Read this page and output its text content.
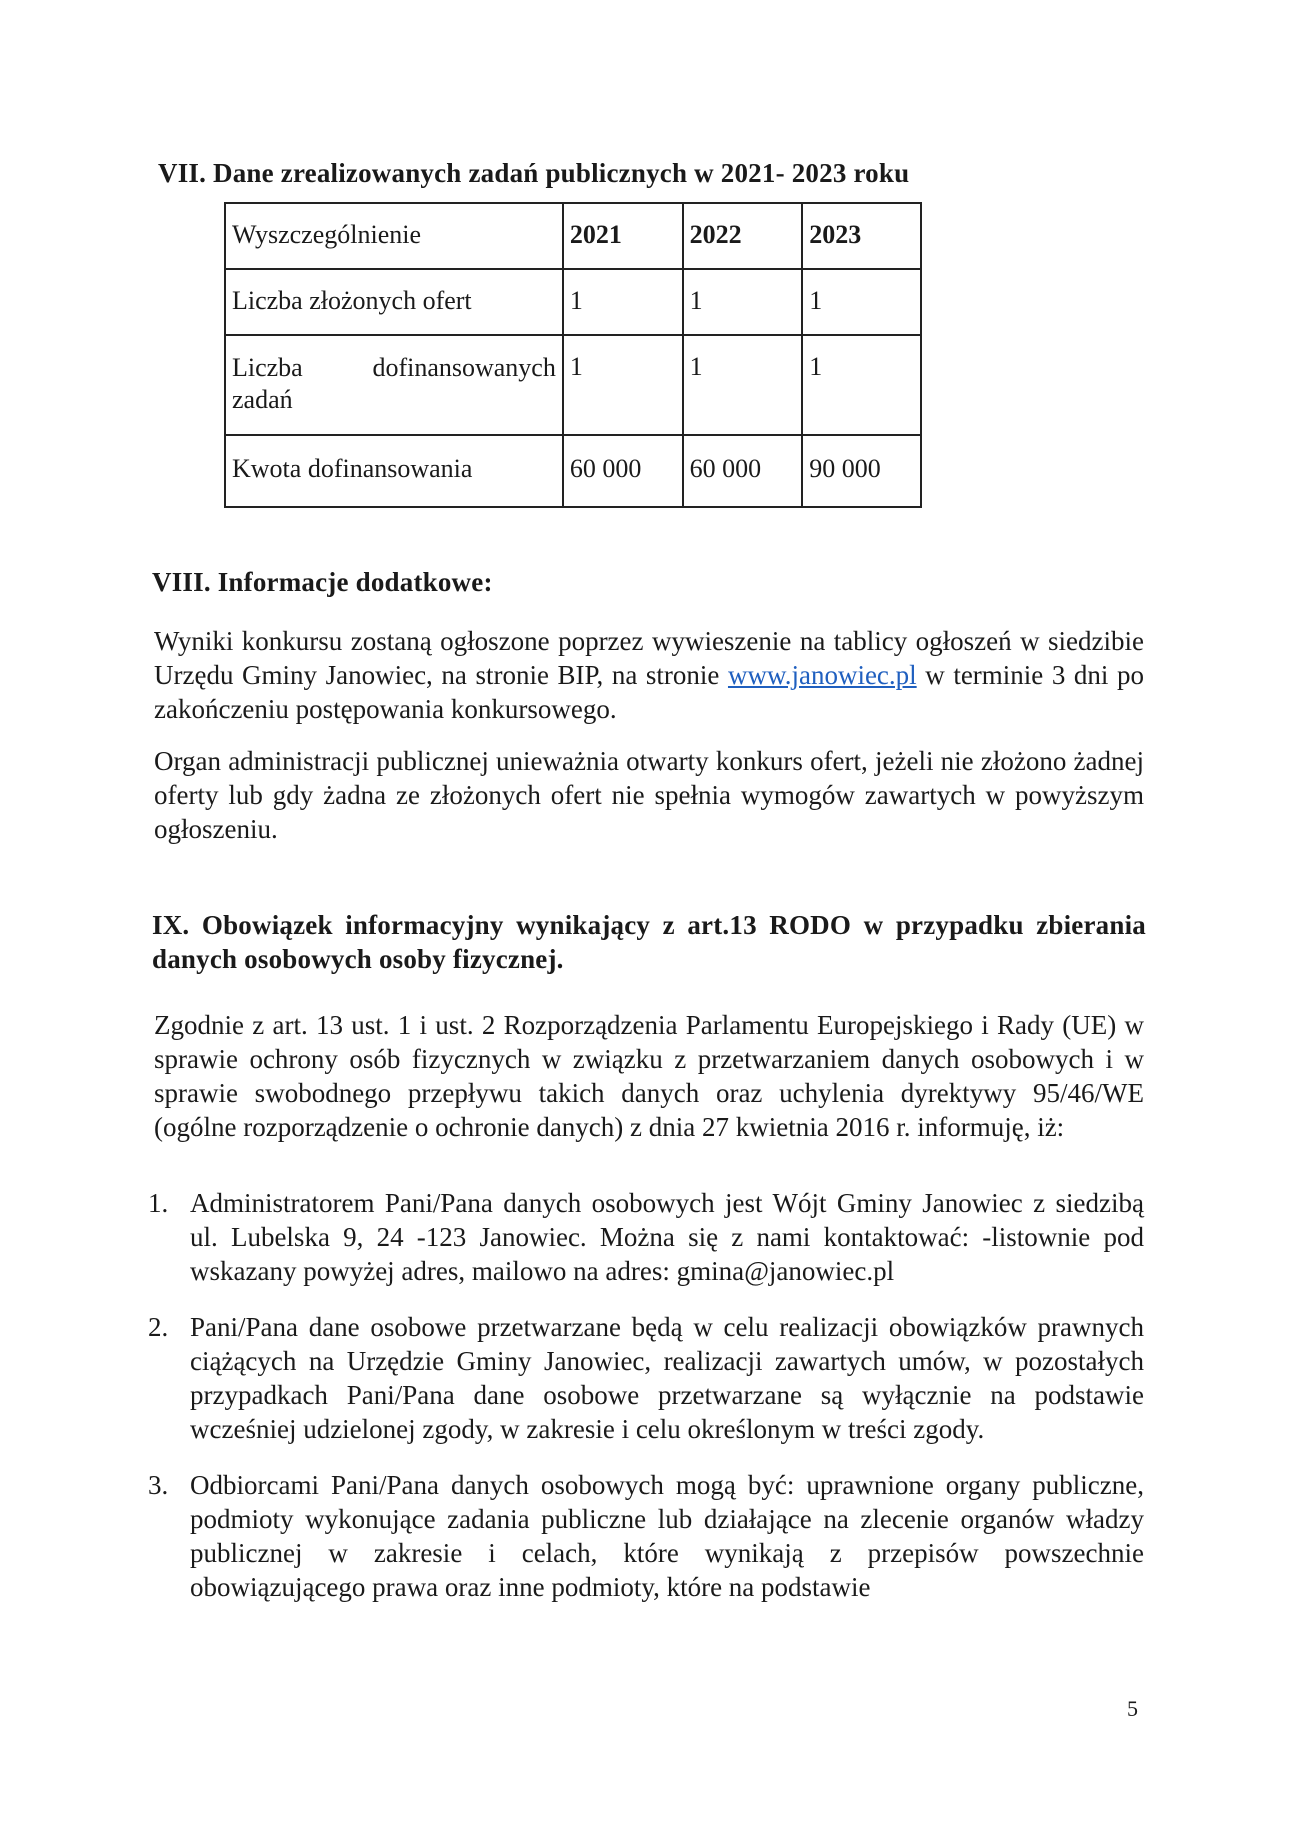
VII. Dane zrealizowanych zadań publicznych w 2021- 2023 roku
Wyszczególnienie	2021	2022	2023
Liczba złożonych ofert	1	1	1

Liczba dofinansowanych
zadań	1	1	1
Kwota dofinansowania	60 000	60 000	90 000
VIII. Informacje dodatkowe:

Wyniki konkursu zostaną ogłoszone poprzez wywieszenie na tablicy ogłoszeń w siedzibie Urzędu Gminy Janowiec, na stronie BIP, na stronie www.janowiec.pl w terminie 3 dni po zakończeniu postępowania konkursowego.

Organ administracji publicznej unieważnia otwarty konkurs ofert, jeżeli nie złożono żadnej oferty lub gdy żadna ze złożonych ofert nie spełnia wymogów zawartych w powyższym ogłoszeniu.

IX. Obowiązek informacyjny wynikający z art.13 RODO w przypadku zbierania danych osobowych osoby fizycznej.

Zgodnie z art. 13 ust. 1 i ust. 2 Rozporządzenia Parlamentu Europejskiego i Rady (UE) w sprawie ochrony osób fizycznych w związku z przetwarzaniem danych osobowych i w sprawie swobodnego przepływu takich danych oraz uchylenia dyrektywy 95/46/WE (ogólne rozporządzenie o ochronie danych) z dnia 27 kwietnia 2016 r. informuję, iż:

1. Administratorem Pani/Pana danych osobowych jest Wójt Gminy Janowiec z siedzibą ul. Lubelska 9, 24 -123 Janowiec. Można się z nami kontaktować: -listownie pod wskazany powyżej adres, mailowo na adres: gmina@janowiec.pl
2. Pani/Pana dane osobowe przetwarzane będą w celu realizacji obowiązków prawnych ciążących na Urzędzie Gminy Janowiec, realizacji zawartych umów, w pozostałych przypadkach Pani/Pana dane osobowe przetwarzane są wyłącznie na podstawie wcześniej udzielonej zgody, w zakresie i celu określonym w treści zgody.
3. Odbiorcami Pani/Pana danych osobowych mogą być: uprawnione organy publiczne, podmioty wykonujące zadania publiczne lub działające na zlecenie organów władzy publicznej w zakresie i celach, które wynikają z przepisów powszechnie obowiązującego prawa oraz inne podmioty, które na podstawie
5
